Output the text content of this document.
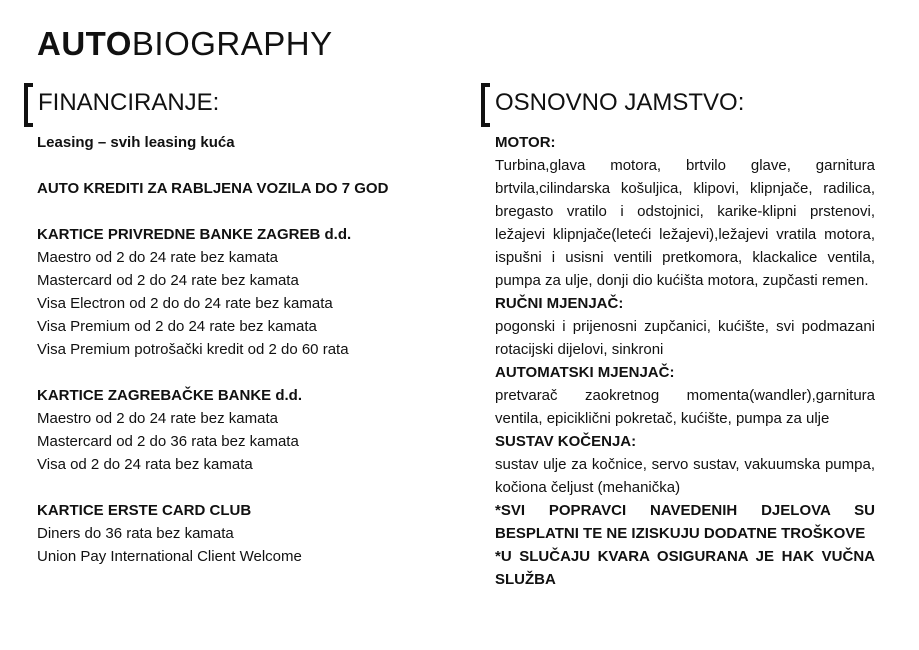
AUTOBIOGRAPHY
FINANCIRANJE:	OSNOVNO JAMSTVO:
Leasing – svih leasing kuća
AUTO KREDITI ZA RABLJENA VOZILA DO 7 GOD
KARTICE PRIVREDNE BANKE ZAGREB d.d.
Maestro od 2 do 24 rate bez kamata
Mastercard od 2 do 24 rate bez kamata
Visa Electron od 2 do do 24 rate bez kamata
Visa Premium od 2 do 24 rate bez kamata
Visa Premium potrošački kredit od 2 do 60 rata
KARTICE ZAGREBAČKE BANKE d.d.
Maestro od 2 do 24 rate bez kamata
Mastercard od 2 do 36 rata bez kamata
Visa od 2 do 24 rata bez kamata
KARTICE ERSTE CARD CLUB
Diners do 36 rata bez kamata
Union Pay International Client Welcome
MOTOR:
Turbina,glava motora, brtvilo glave, garnitura brtvila,cilindarska košuljica, klipovi, klipnjače, radilica, bregasto vratilo i odstojnici, karike-klipni prstenovi, ležajevi klipnjače(leteći ležajevi),ležajevi vratila motora, ispušni i usisni ventili pretkomora, klackalice ventila, pumpa za ulje, donji dio kućišta motora, zupčasti remen.
RUČNI MJENJAČ:
pogonski i prijenosni zupčanici, kućište, svi podmazani rotacijski dijelovi, sinkroni
AUTOMATSKI MJENJAČ:
pretvarač zaokretnog momenta(wandler),garnitura ventila, epiciklični pokretač, kućište, pumpa za ulje
SUSTAV KOČENJA:
sustav ulje za kočnice, servo sustav, vakuumska pumpa, kočiona čeljust (mehanička)
*SVI POPRAVCI NAVEDENIH DJELOVA SU BESPLATNI TE NE IZISKUJU DODATNE TROŠKOVE
*U SLUČAJU KVARA OSIGURANA JE HAK VUČNA SLUŽBA
